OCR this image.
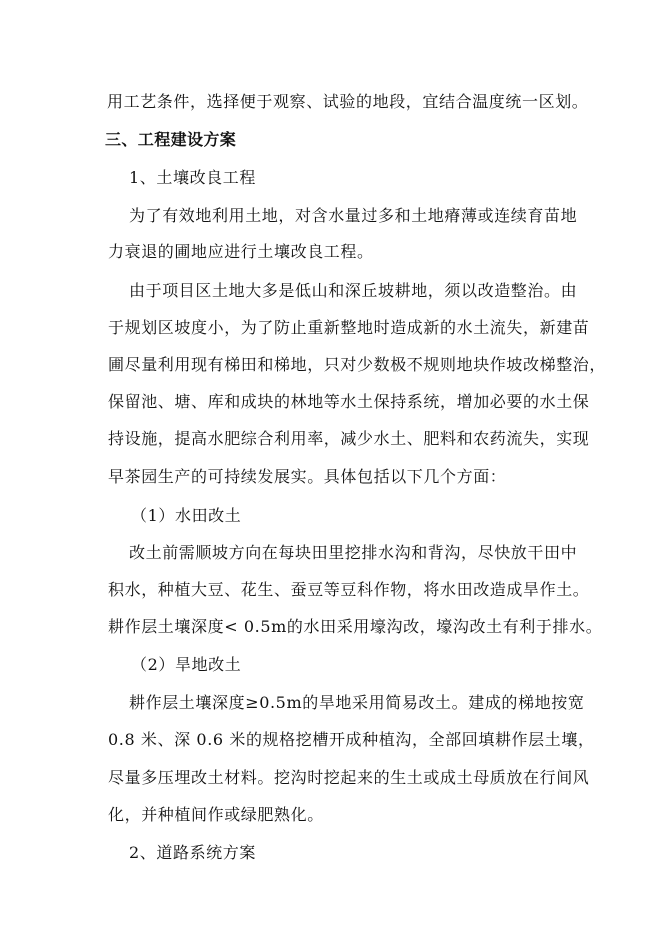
用工艺条件，选择便于观察、试验的地段，宜结合温度统一区划。
三、工程建设方案
1、土壤改良工程
为了有效地利用土地，对含水量过多和土地瘠薄或连续育苗地
力衰退的圃地应进行土壤改良工程。
由于项目区土地大多是低山和深丘坡耕地，须以改造整治。由
于规划区坡度小，为了防止重新整地时造成新的水土流失，新建苗
圃尽量利用现有梯田和梯地，只对少数极不规则地块作坡改梯整治，
保留池、塘、库和成块的林地等水土保持系统，增加必要的水土保
持设施，提高水肥综合利用率，减少水土、肥料和农药流失，实现
早茶园生产的可持续发展实。具体包括以下几个方面：
（1）水田改土
改土前需顺坡方向在每块田里挖排水沟和背沟，尽快放干田中
积水，种植大豆、花生、蚕豆等豆科作物，将水田改造成旱作土。
耕作层土壤深度< 0.5m的水田采用壕沟改，壕沟改土有利于排水。
（2）旱地改土
耕作层土壤深度≥0.5m的旱地采用简易改土。建成的梯地按宽
0.8 米、深 0.6 米的规格挖槽开成种植沟，全部回填耕作层土壤，
尽量多压埋改土材料。挖沟时挖起来的生土或成土母质放在行间风
化，并种植间作或绿肥熟化。
2、道路系统方案
